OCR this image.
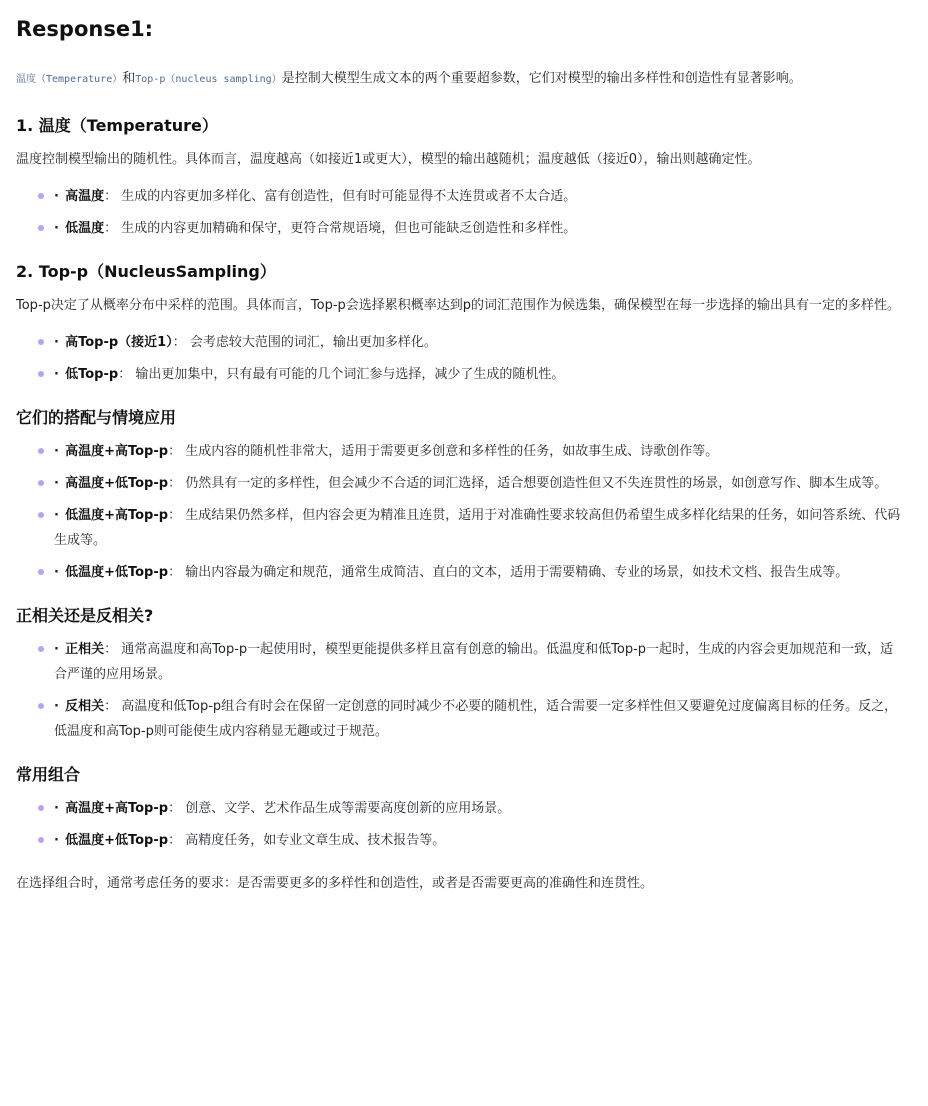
Response1:

温度（Temperature）和Top-p（nucleus sampling）是控制大模型生成文本的两个重要超参数，它们对模型的输出多样性和创造性有显著影响。

1. 温度（Temperature）

温度控制模型输出的随机性。具体而言，温度越高（如接近1或更大），模型的输出越随机；温度越低（接近0），输出则越确定性。

· 高温度： 生成的内容更加多样化、富有创造性，但有时可能显得不太连贯或者不太合适。
· 低温度： 生成的内容更加精确和保守，更符合常规语境，但也可能缺乏创造性和多样性。
2. Top-p（NucleusSampling）

Top-p决定了从概率分布中采样的范围。具体而言，Top-p会选择累积概率达到p的词汇范围作为候选集，确保模型在每一步选择的输出具有一定的多样性。

· 高Top-p（接近1）： 会考虑较大范围的词汇，输出更加多样化。
· 低Top-p： 输出更加集中，只有最有可能的几个词汇参与选择，减少了生成的随机性。
它们的搭配与情境应用
· 高温度+高Top-p： 生成内容的随机性非常大，适用于需要更多创意和多样性的任务，如故事生成、诗歌创作等。
· 高温度+低Top-p： 仍然具有一定的多样性，但会减少不合适的词汇选择，适合想要创造性但又不失连贯性的场景，如创意写作、脚本生成等。
· 低温度+高Top-p： 生成结果仍然多样，但内容会更为精准且连贯，适用于对准确性要求较高但仍希望生成多样化结果的任务，如问答系统、代码生成等。
· 低温度+低Top-p： 输出内容最为确定和规范，通常生成简洁、直白的文本，适用于需要精确、专业的场景，如技术文档、报告生成等。
正相关还是反相关?
· 正相关： 通常高温度和高Top-p一起使用时，模型更能提供多样且富有创意的输出。低温度和低Top-p一起时，生成的内容会更加规范和一致，适合严谨的应用场景。
· 反相关： 高温度和低Top-p组合有时会在保留一定创意的同时减少不必要的随机性，适合需要一定多样性但又要避免过度偏离目标的任务。反之，低温度和高Top-p则可能使生成内容稍显无趣或过于规范。
常用组合
· 高温度+高Top-p： 创意、文学、艺术作品生成等需要高度创新的应用场景。
· 低温度+低Top-p： 高精度任务，如专业文章生成、技术报告等。

在选择组合时，通常考虑任务的要求：是否需要更多的多样性和创造性，或者是否需要更高的准确性和连贯性。
